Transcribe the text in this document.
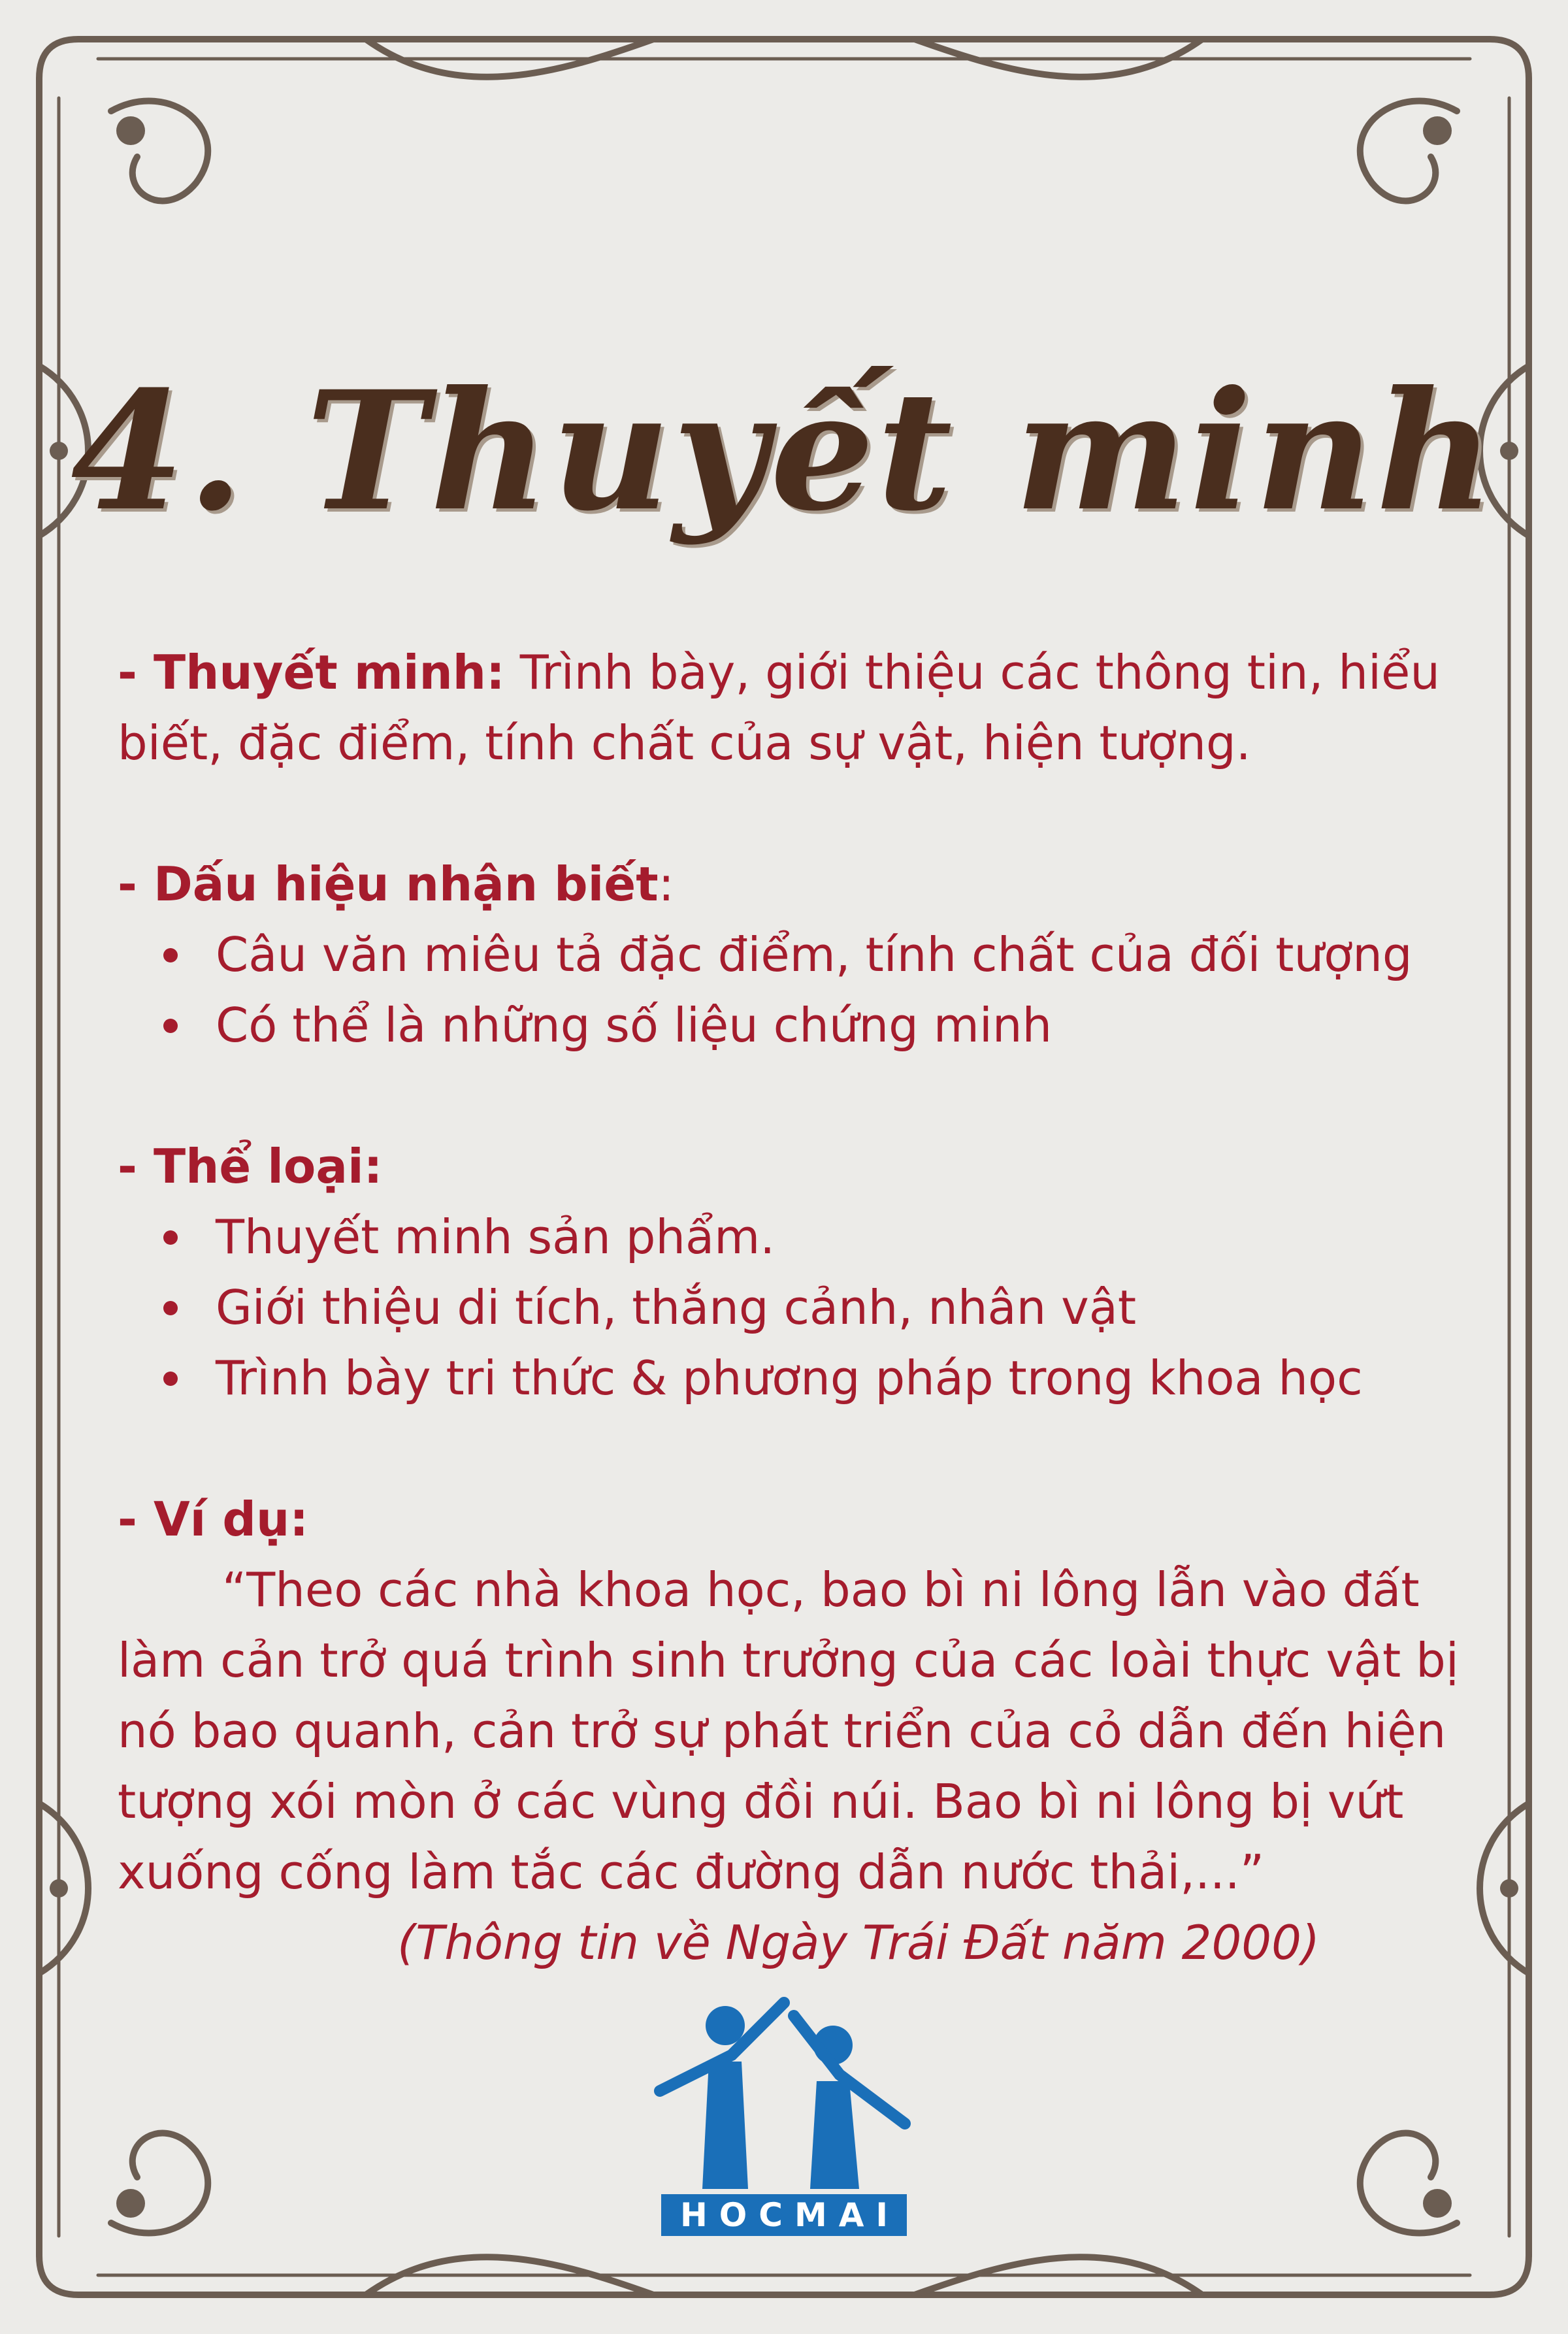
4. Thuyết minh

- Thuyết minh: Trình bày, giới thiệu các thông tin, hiểu biết, đặc điểm, tính chất của sự vật, hiện tượng.

- Dấu hiệu nhận biết:

Câu văn miêu tả đặc điểm, tính chất của đối tượng
Có thể là những số liệu chứng minh

- Thể loại:

Thuyết minh sản phẩm.
Giới thiệu di tích, thắng cảnh, nhân vật
Trình bày tri thức & phương pháp trong khoa học

- Ví dụ:

“Theo các nhà khoa học, bao bì ni lông lẫn vào đất làm cản trở quá trình sinh trưởng của các loài thực vật bị nó bao quanh, cản trở sự phát triển của cỏ dẫn đến hiện tượng xói mòn ở các vùng đồi núi. Bao bì ni lông bị vứt xuống cống làm tắc các đường dẫn nước thải,...”

(Thông tin về Ngày Trái Đất năm 2000)

HOCMAI
